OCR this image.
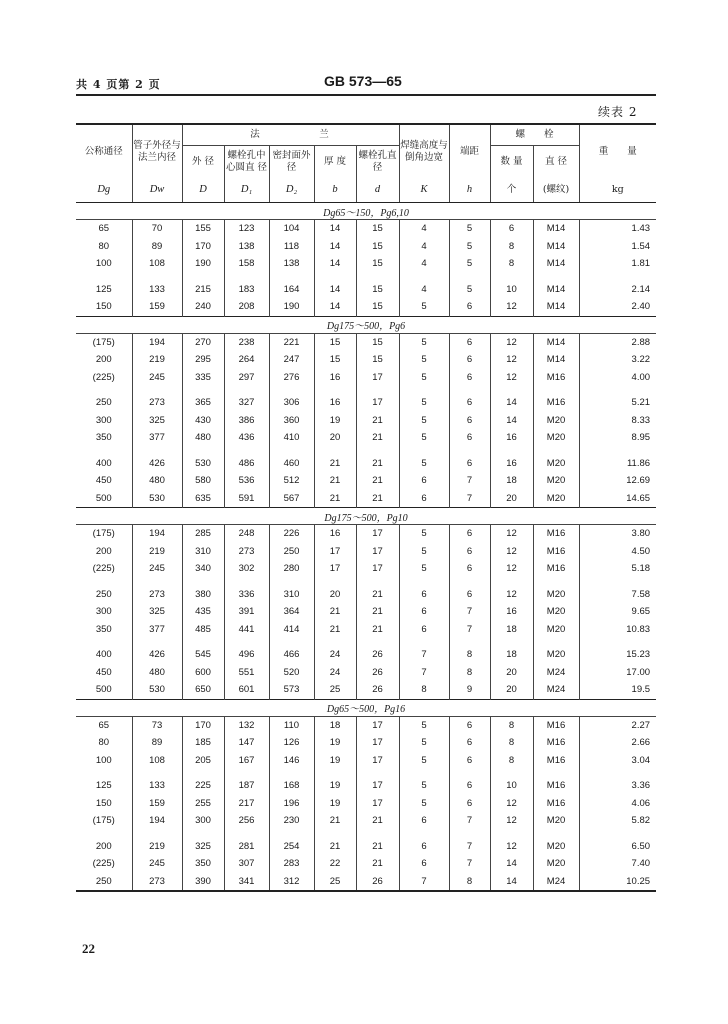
共 4 页第 2 页	GB 573—65
续表 2
公称通径	管子外径与法兰内径	法　　　　　兰					焊缝高度与倒角边宽	端距	螺　　栓		重　　量
		外 径	螺栓孔中心圆直 径	密封面外 径	厚 度	螺栓孔直 径			数 量	直 径	
Dg	Dw	D	D₁	D₂	b	d	K	h	个	(螺纹)	kg
Dg65～150，Pg6,10											
65	70	155	123	104	14	15	4	5	6	M14	1.43
80	89	170	138	118	14	15	4	5	8	M14	1.54
100	108	190	158	138	14	15	4	5	8	M14	1.81

125	133	215	183	164	14	15	4	5	10	M14	2.14
150	159	240	208	190	14	15	5	6	12	M14	2.40
Dg175～500，Pg6											
(175)	194	270	238	221	15	15	5	6	12	M14	2.88
200	219	295	264	247	15	15	5	6	12	M14	3.22
(225)	245	335	297	276	16	17	5	6	12	M16	4.00

250	273	365	327	306	16	17	5	6	14	M16	5.21
300	325	430	386	360	19	21	5	6	14	M20	8.33
350	377	480	436	410	20	21	5	6	16	M20	8.95

400	426	530	486	460	21	21	5	6	16	M20	11.86
450	480	580	536	512	21	21	6	7	18	M20	12.69
500	530	635	591	567	21	21	6	7	20	M20	14.65
Dg175～500，Pg10											
(175)	194	285	248	226	16	17	5	6	12	M16	3.80
200	219	310	273	250	17	17	5	6	12	M16	4.50
(225)	245	340	302	280	17	17	5	6	12	M16	5.18

250	273	380	336	310	20	21	6	6	12	M20	7.58
300	325	435	391	364	21	21	6	7	16	M20	9.65
350	377	485	441	414	21	21	6	7	18	M20	10.83

400	426	545	496	466	24	26	7	8	18	M20	15.23
450	480	600	551	520	24	26	7	8	20	M24	17.00
500	530	650	601	573	25	26	8	9	20	M24	19.5
Dg65～500，Pg16											
65	73	170	132	110	18	17	5	6	8	M16	2.27
80	89	185	147	126	19	17	5	6	8	M16	2.66
100	108	205	167	146	19	17	5	6	8	M16	3.04

125	133	225	187	168	19	17	5	6	10	M16	3.36
150	159	255	217	196	19	17	5	6	12	M16	4.06
(175)	194	300	256	230	21	21	6	7	12	M20	5.82

200	219	325	281	254	21	21	6	7	12	M20	6.50
(225)	245	350	307	283	22	21	6	7	14	M20	7.40
250	273	390	341	312	25	26	7	8	14	M24	10.25
22
